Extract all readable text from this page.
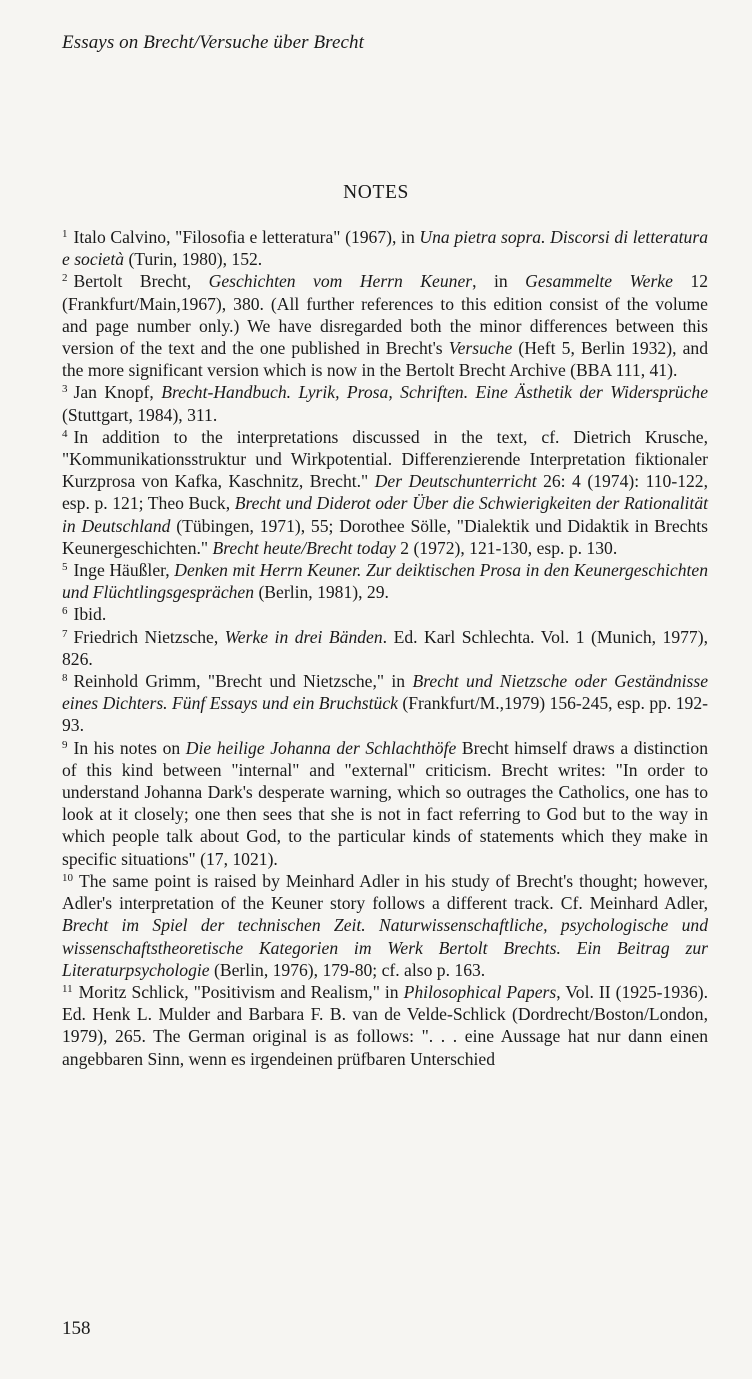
Essays on Brecht/Versuche über Brecht
NOTES

$^1$ Italo Calvino, "Filosofia e letteratura" (1967), in Una pietra sopra. Discorsi di letteratura e società (Turin, 1980), 152.

$^2$ Bertolt Brecht, Geschichten vom Herrn Keuner, in Gesammelte Werke 12 (Frankfurt/Main,1967), 380. (All further references to this edition consist of the volume and page number only.) We have disregarded both the minor differences between this version of the text and the one published in Brecht's Versuche (Heft 5, Berlin 1932), and the more significant version which is now in the Bertolt Brecht Archive (BBA 111, 41).

$^3$ Jan Knopf, Brecht-Handbuch. Lyrik, Prosa, Schriften. Eine Ästhetik der Widersprüche (Stuttgart, 1984), 311.

$^4$ In addition to the interpretations discussed in the text, cf. Dietrich Krusche, "Kommunikationsstruktur und Wirkpotential. Differenzierende Interpretation fiktionaler Kurzprosa von Kafka, Kaschnitz, Brecht." Der Deutschunterricht 26: 4 (1974): 110-122, esp. p. 121; Theo Buck, Brecht und Diderot oder Über die Schwierigkeiten der Rationalität in Deutschland (Tübingen, 1971), 55; Dorothee Sölle, "Dialektik und Didaktik in Brechts Keunergeschichten." Brecht heute/Brecht today 2 (1972), 121-130, esp. p. 130.

$^5$ Inge Häußler, Denken mit Herrn Keuner. Zur deiktischen Prosa in den Keunergeschichten und Flüchtlingsgesprächen (Berlin, 1981), 29.

$^6$ Ibid.

$^7$ Friedrich Nietzsche, Werke in drei Bänden. Ed. Karl Schlechta. Vol. 1 (Munich, 1977), 826.

$^8$ Reinhold Grimm, "Brecht und Nietzsche," in Brecht und Nietzsche oder Geständnisse eines Dichters. Fünf Essays und ein Bruchstück (Frankfurt/M.,1979) 156-245, esp. pp. 192-93.

$^9$ In his notes on Die heilige Johanna der Schlachthöfe Brecht himself draws a distinction of this kind between "internal" and "external" criticism. Brecht writes: "In order to understand Johanna Dark's desperate warning, which so outrages the Catholics, one has to look at it closely; one then sees that she is not in fact referring to God but to the way in which people talk about God, to the particular kinds of statements which they make in specific situations" (17, 1021).

$^{10}$ The same point is raised by Meinhard Adler in his study of Brecht's thought; however, Adler's interpretation of the Keuner story follows a different track. Cf. Meinhard Adler, Brecht im Spiel der technischen Zeit. Naturwissenschaftliche, psychologische und wissenschaftstheoretische Kategorien im Werk Bertolt Brechts. Ein Beitrag zur Literaturpsychologie (Berlin, 1976), 179-80; cf. also p. 163.

$^{11}$ Moritz Schlick, "Positivism and Realism," in Philosophical Papers, Vol. II (1925-1936). Ed. Henk L. Mulder and Barbara F. B. van de Velde-Schlick (Dordrecht/Boston/London, 1979), 265. The German original is as follows: ". . . eine Aussage hat nur dann einen angebbaren Sinn, wenn es irgendeinen prüfbaren Unterschied

158
